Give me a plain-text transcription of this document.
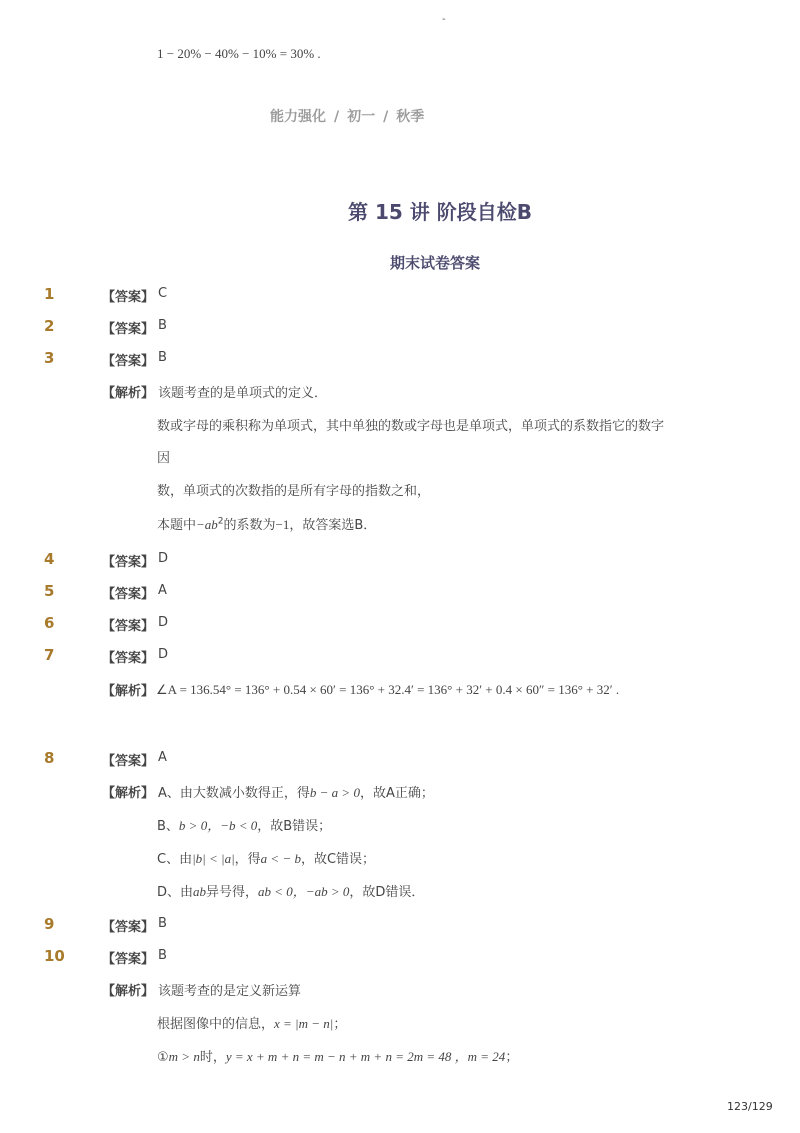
-
1 − 20% − 40% − 10% = 30% .
能力强化 / 初一 / 秋季
第 15 讲 阶段自检B
期末试卷答案
1	【答案】 C
2	【答案】 B
3	【答案】 B
【解析】 该题考查的是单项式的定义．
数或字母的乘积称为单项式，其中单独的数或字母也是单项式，单项式的系数指它的数字
因
数，单项式的次数指的是所有字母的指数之和，
本题中$-ab^2$的系数为−1，故答案选B．
4	【答案】 D
5	【答案】 A
6	【答案】 D
7	【答案】 D
【解析】 ∠A = 136.54° = 136° + 0.54 × 60′ = 136° + 32.4′ = 136° + 32′ + 0.4 × 60″ = 136° + 32′ .
8	【答案】 A
【解析】 A、由大数减小数得正，得b − a > 0，故A正确；
B、b > 0，−b < 0，故B错误；
C、由|b| < |a|，得a < − b，故C错误；
D、由ab异号得，ab < 0，−ab > 0，故D错误．
9	【答案】 B
10	【答案】 B
【解析】 该题考查的是定义新运算
根据图像中的信息，x = |m − n|；
①m > n时，y = x + m + n = m − n + m + n = 2m = 48 ，m = 24；
123/129
